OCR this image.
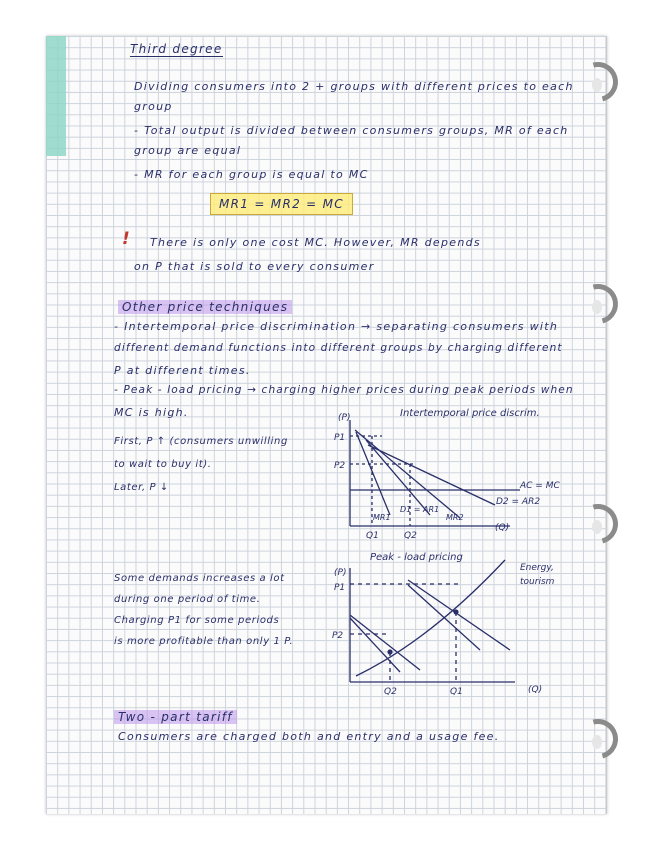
Third degree
Dividing consumers into 2 + groups with different prices to each
group
- Total output is divided between consumers groups, MR of each
group are equal
- MR for each group is equal to MC
MR1 = MR2 = MC
! There is only one cost MC. However, MR depends
on P that is sold to every consumer
Other price techniques
- Intertemporal price discrimination → separating consumers with
different demand functions into different groups by charging different
P at different times.
- Peak - load pricing → charging higher prices during peak periods when
MC is high.
First, P ↑ (consumers unwilling
to wait to buy it).
Later, P ↓
Intertemporal price discrim.
(P)
(Q)
P1
P2
Q1	Q2
AC = MC
D2 = AR2
D1 = AR1
MR1	MR2
Some demands increases a lot
during one period of time.
Charging P1 for some periods
is more profitable than only 1 P.
Peak - load pricing
Energy,
tourism
(P)
(Q)
P1
P2
Q1
Q2
Two - part tariff
Consumers are charged both and entry and a usage fee.
